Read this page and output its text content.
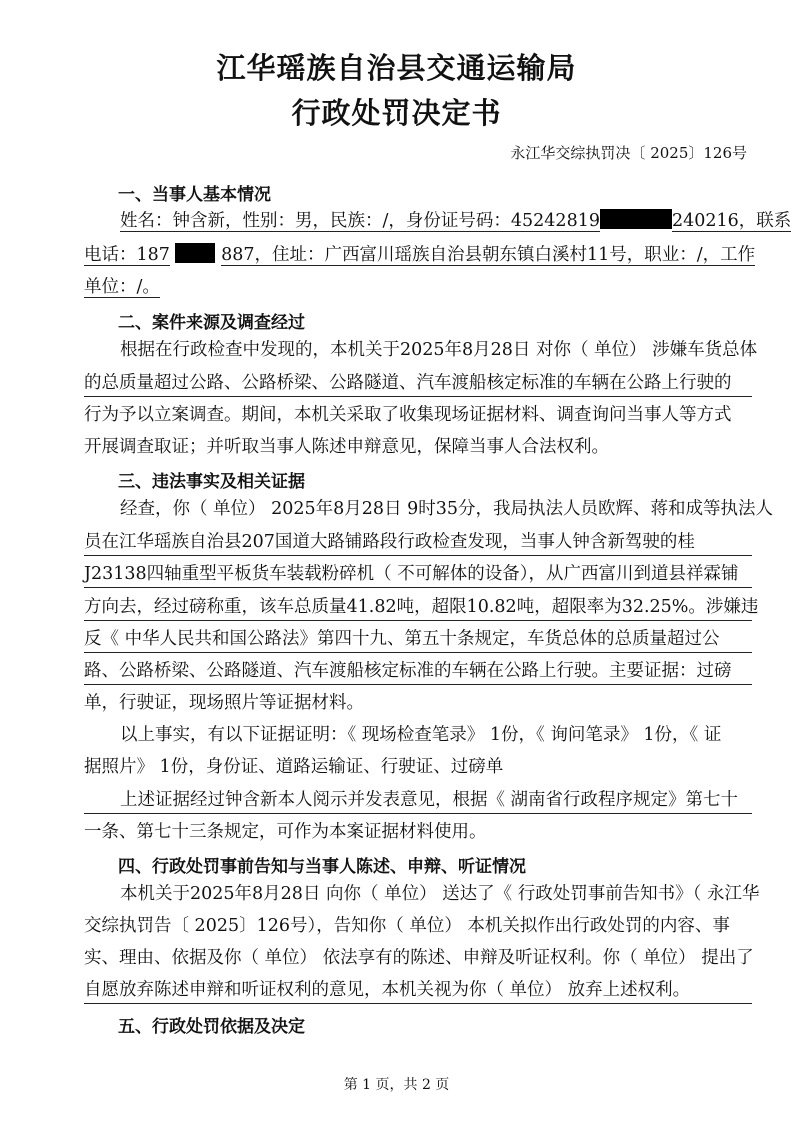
江华瑶族自治县交通运输局
行政处罚决定书
永江华交综执罚决〔 2025〕126号
一、当事人基本情况
姓名：钟含新，性别：男，民族：/，身份证号码：45242819	240216，联系
电话：187	887，住址：广西富川瑶族自治县朝东镇白溪村11号，职业：/，工作
单位：/。
二、案件来源及调查经过
根据在行政检查中发现的，本机关于2025年8月28日 对你（ 单位） 涉嫌车货总体
的总质量超过公路、公路桥梁、公路隧道、汽车渡船核定标准的车辆在公路上行驶的
行为予以立案调查。期间，本机关采取了收集现场证据材料、调查询问当事人等方式
开展调查取证；并听取当事人陈述申辩意见，保障当事人合法权利。
三、违法事实及相关证据
经查，你（ 单位） 2025年8月28日 9时35分，我局执法人员欧辉、蒋和成等执法人
员在江华瑶族自治县207国道大路铺路段行政检查发现，当事人钟含新驾驶的桂
J23138四轴重型平板货车装载粉碎机（ 不可解体的设备），从广西富川到道县祥霖铺
方向去，经过磅称重，该车总质量41.82吨，超限10.82吨，超限率为32.25%。涉嫌违
反《 中华人民共和国公路法》第四十九、第五十条规定，车货总体的总质量超过公
路、公路桥梁、公路隧道、汽车渡船核定标准的车辆在公路上行驶。主要证据：过磅
单，行驶证，现场照片等证据材料。
以上事实，有以下证据证明：《 现场检查笔录》 1份，《 询问笔录》 1份，《 证
据照片》 1份，身份证、道路运输证、行驶证、过磅单
上述证据经过钟含新本人阅示并发表意见，根据《 湖南省行政程序规定》第七十
一条、第七十三条规定，可作为本案证据材料使用。
四、行政处罚事前告知与当事人陈述、申辩、听证情况
本机关于2025年8月28日 向你（ 单位） 送达了《 行政处罚事前告知书》（ 永江华
交综执罚告〔 2025〕126号），告知你（ 单位） 本机关拟作出行政处罚的内容、事
实、理由、依据及你（ 单位） 依法享有的陈述、申辩及听证权利。你（ 单位） 提出了
自愿放弃陈述申辩和听证权利的意见，本机关视为你（ 单位） 放弃上述权利。
五、行政处罚依据及决定
第 1 页，共 2 页
